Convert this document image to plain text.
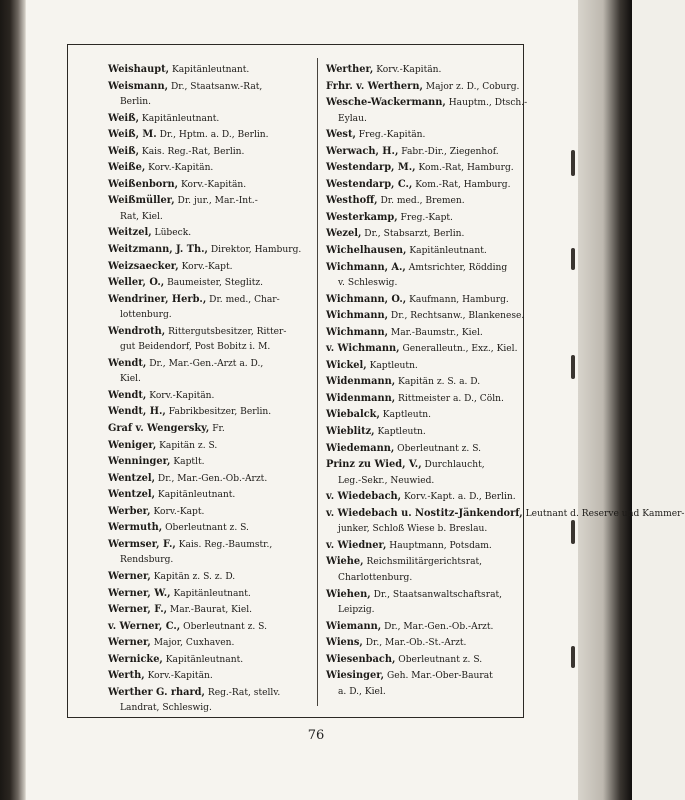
Weishaupt, Kapitänleutnant.
Weismann, Dr., Staatsanw.-Rat,
Berlin.
Weiß, Kapitänleutnant.
Weiß, M. Dr., Hptm. a. D., Berlin.
Weiß, Kais. Reg.-Rat, Berlin.
Weiße, Korv.-Kapitän.
Weißenborn, Korv.-Kapitän.
Weißmüller, Dr. jur., Mar.-Int.-
Rat, Kiel.
Weitzel, Lübeck.
Weitzmann, J. Th., Direktor, Hamburg.
Weizsaecker, Korv.-Kapt.
Weller, O., Baumeister, Steglitz.
Wendriner, Herb., Dr. med., Char-
lottenburg.
Wendroth, Rittergutsbesitzer, Ritter-
gut Beidendorf, Post Bobitz i. M.
Wendt, Dr., Mar.-Gen.-Arzt a. D.,
Kiel.
Wendt, Korv.-Kapitän.
Wendt, H., Fabrikbesitzer, Berlin.
Graf v. Wengersky, Fr.
Weniger, Kapitän z. S.
Wenninger, Kaptlt.
Wentzel, Dr., Mar.-Gen.-Ob.-Arzt.
Wentzel, Kapitänleutnant.
Werber, Korv.-Kapt.
Wermuth, Oberleutnant z. S.
Wermser, F., Kais. Reg.-Baumstr.,
Rendsburg.
Werner, Kapitän z. S. z. D.
Werner, W., Kapitänleutnant.
Werner, F., Mar.-Baurat, Kiel.
v. Werner, C., Oberleutnant z. S.
Werner, Major, Cuxhaven.
Wernicke, Kapitänleutnant.
Werth, Korv.-Kapitän.
Werther G. rhard, Reg.-Rat, stellv.
Landrat, Schleswig.
Werther, Korv.-Kapitän.
Frhr. v. Werthern, Major z. D., Coburg.
Wesche-Wackermann, Hauptm., Dtsch.-
Eylau.
West, Freg.-Kapitän.
Werwach, H., Fabr.-Dir., Ziegenhof.
Westendarp, M., Kom.-Rat, Hamburg.
Westendarp, C., Kom.-Rat, Hamburg.
Westhoff, Dr. med., Bremen.
Westerkamp, Freg.-Kapt.
Wezel, Dr., Stabsarzt, Berlin.
Wichelhausen, Kapitänleutnant.
Wichmann, A., Amtsrichter, Rödding
v. Schleswig.
Wichmann, O., Kaufmann, Hamburg.
Wichmann, Dr., Rechtsanw., Blankenese.
Wichmann, Mar.-Baumstr., Kiel.
v. Wichmann, Generalleutn., Exz., Kiel.
Wickel, Kaptleutn.
Widenmann, Kapitän z. S. a. D.
Widenmann, Rittmeister a. D., Cöln.
Wiebalck, Kaptleutn.
Wieblitz, Kaptleutn.
Wiedemann, Oberleutnant z. S.
Prinz zu Wied, V., Durchlaucht,
Leg.-Sekr., Neuwied.
v. Wiedebach, Korv.-Kapt. a. D., Berlin.
v. Wiedebach u. Nostitz-Jänkendorf, Leutnant d. Reserve und Kammer-
junker, Schloß Wiese b. Breslau.
v. Wiedner, Hauptmann, Potsdam.
Wiehe, Reichsmilitärgerichtsrat,
Charlottenburg.
Wiehen, Dr., Staatsanwaltschaftsrat,
Leipzig.
Wiemann, Dr., Mar.-Gen.-Ob.-Arzt.
Wiens, Dr., Mar.-Ob.-St.-Arzt.
Wiesenbach, Oberleutnant z. S.
Wiesinger, Geh. Mar.-Ober-Baurat
a. D., Kiel.
76
